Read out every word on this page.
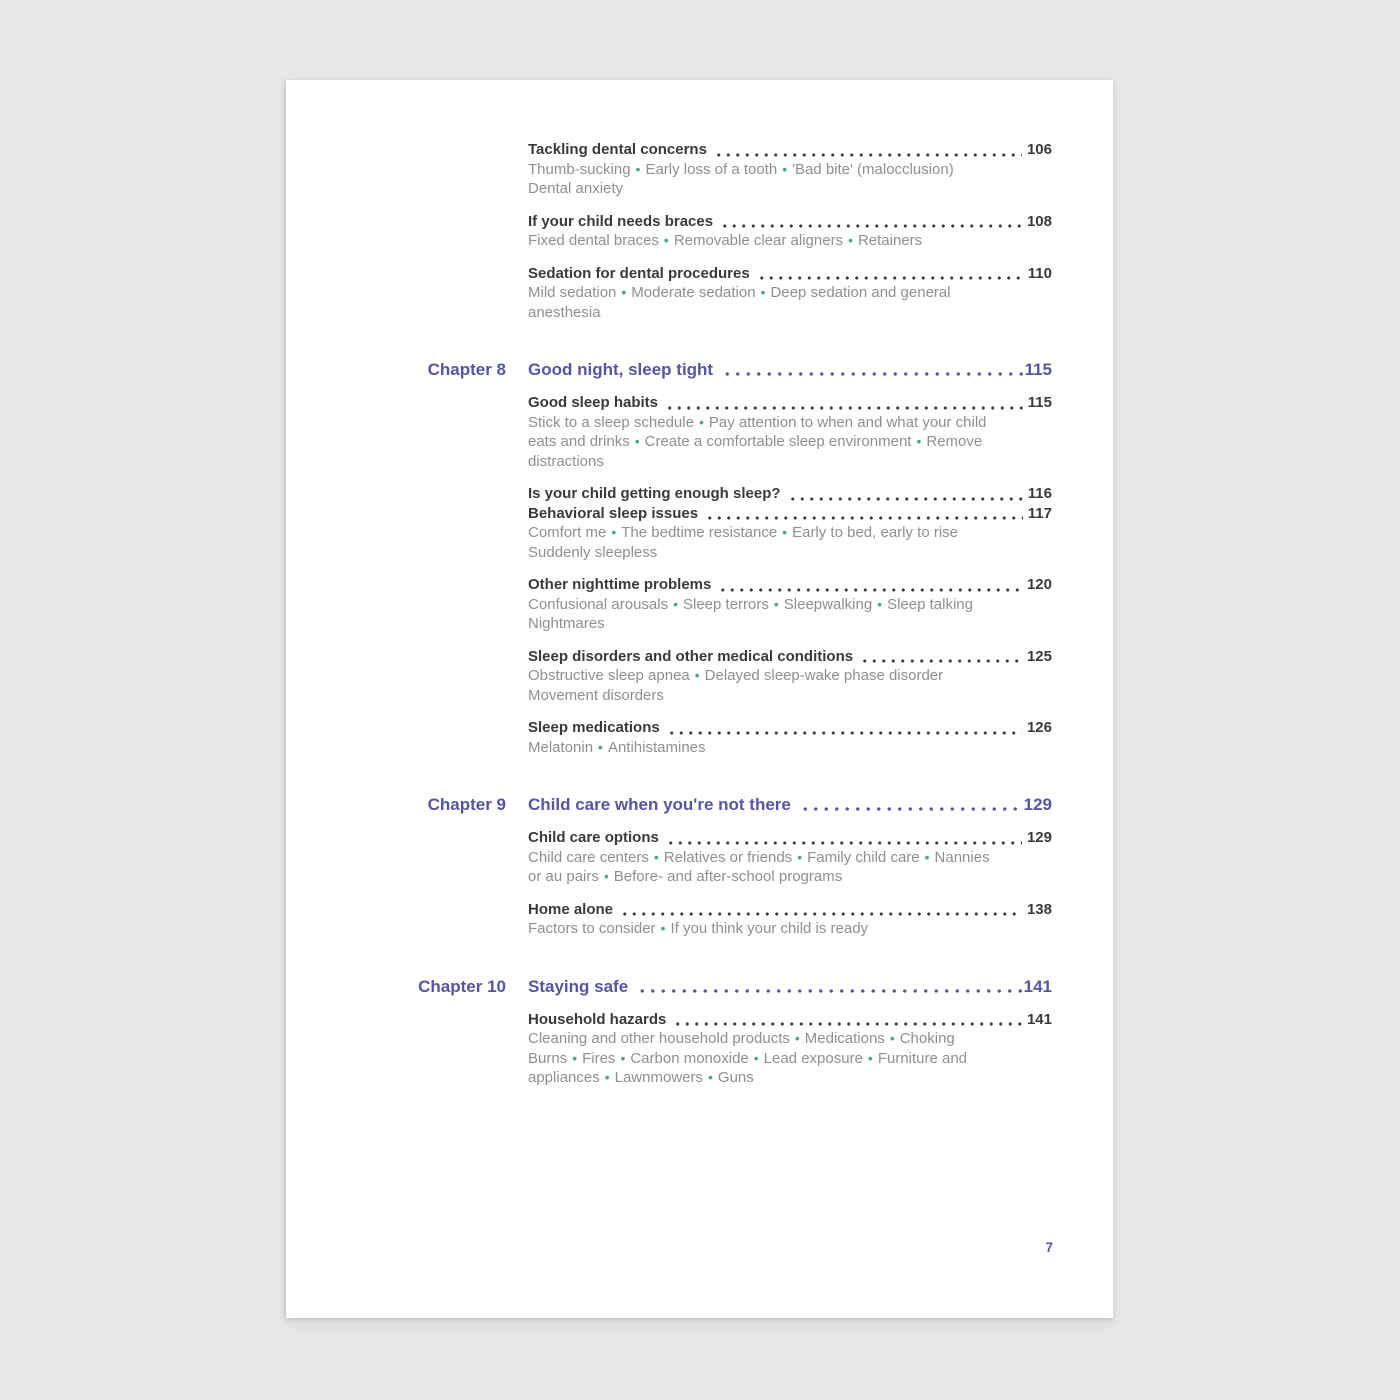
Tackling dental concerns	106
Thumb-sucking • Early loss of a tooth • 'Bad bite' (malocclusion)
Dental anxiety
If your child needs braces	108
Fixed dental braces • Removable clear aligners • Retainers
Sedation for dental procedures	110
Mild sedation • Moderate sedation • Deep sedation and general
anesthesia
Chapter 8 Good night, sleep tight	115
Good sleep habits	115
Stick to a sleep schedule • Pay attention to when and what your child
eats and drinks • Create a comfortable sleep environment • Remove
distractions
Is your child getting enough sleep?	116
Behavioral sleep issues	117
Comfort me • The bedtime resistance • Early to bed, early to rise
Suddenly sleepless
Other nighttime problems	120
Confusional arousals • Sleep terrors • Sleepwalking • Sleep talking
Nightmares
Sleep disorders and other medical conditions	125
Obstructive sleep apnea • Delayed sleep-wake phase disorder
Movement disorders
Sleep medications	126
Melatonin • Antihistamines
Chapter 9 Child care when you're not there	129
Child care options	129
Child care centers • Relatives or friends • Family child care • Nannies
or au pairs • Before- and after-school programs
Home alone	138
Factors to consider • If you think your child is ready
Chapter 10 Staying safe	141
Household hazards	141
Cleaning and other household products • Medications • Choking
Burns • Fires • Carbon monoxide • Lead exposure • Furniture and
appliances • Lawnmowers • Guns
7
